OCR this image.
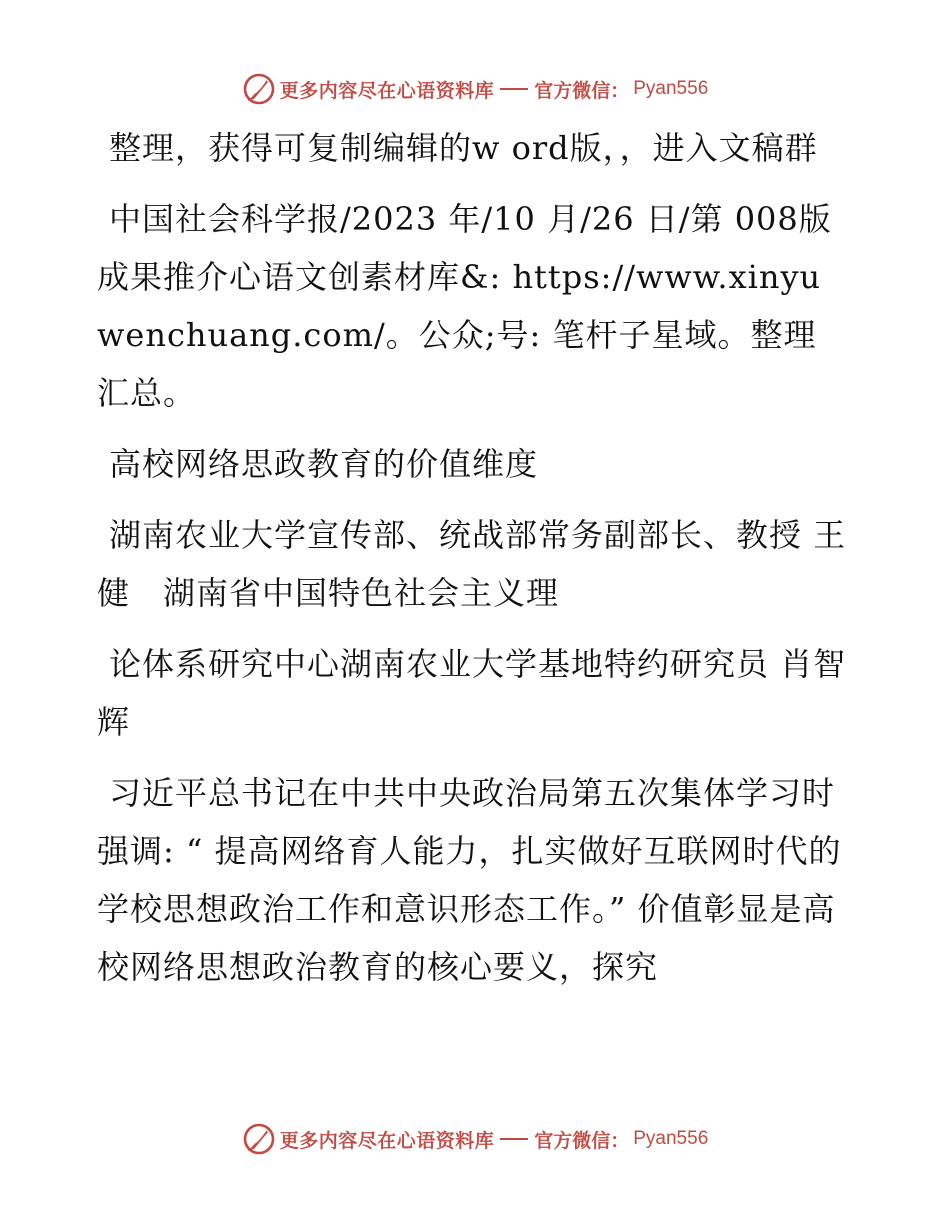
更多内容尽在心语资料库 官方微信： Pyan556

整理，获得可复制编辑的w ord版，，进入文稿群

中国社会科学报/2023 年/10 月/26 日/第 008版成果推介心语文创素材库&: https://www.xinyuwenchuang.com/。公众;号: 笔杆子星域。整理汇总。

高校网络思政教育的价值维度

湖南农业大学宣传部、统战部常务副部长、教授 王健　湖南省中国特色社会主义理

论体系研究中心湖南农业大学基地特约研究员 肖智辉

习近平总书记在中共中央政治局第五次集体学习时强调: “ 提高网络育人能力，扎实做好互联网时代的学校思想政治工作和意识形态工作。” 价值彰显是高校网络思想政治教育的核心要义，探究

更多内容尽在心语资料库 官方微信： Pyan556
